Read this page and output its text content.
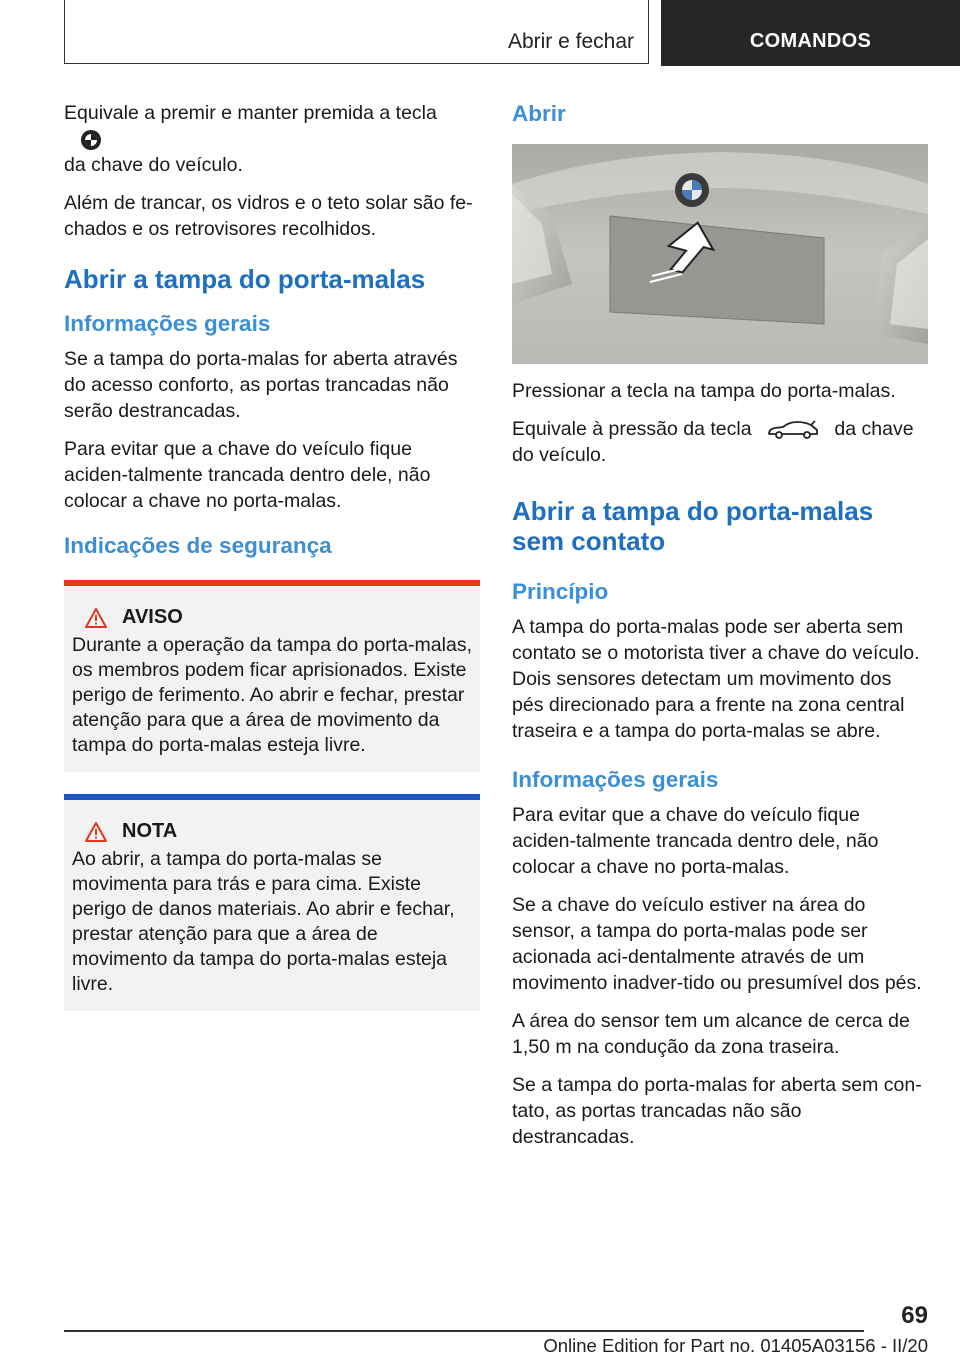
Abrir e fechar	COMANDOS

Equivale a premir e manter premida a tecla
da chave do veículo.

Além de trancar, os vidros e o teto solar são fe-chados e os retrovisores recolhidos.

Abrir a tampa do porta-malas
Informações gerais

Se a tampa do porta-malas for aberta através do acesso conforto, as portas trancadas não serão destrancadas.

Para evitar que a chave do veículo fique aciden-talmente trancada dentro dele, não colocar a chave no porta-malas.

Indicações de segurança
AVISO

Durante a operação da tampa do porta-malas, os membros podem ficar aprisionados. Existe perigo de ferimento. Ao abrir e fechar, prestar atenção para que a área de movimento da tampa do porta-malas esteja livre.

NOTA

Ao abrir, a tampa do porta-malas se movimenta para trás e para cima. Existe perigo de danos materiais. Ao abrir e fechar, prestar atenção para que a área de movimento da tampa do porta-malas esteja livre.

Abrir

Pressionar a tecla na tampa do porta-malas.

Equivale à pressão da tecla	da chave do veículo.

Abrir a tampa do porta-malas sem contato
Princípio

A tampa do porta-malas pode ser aberta sem contato se o motorista tiver a chave do veículo. Dois sensores detectam um movimento dos pés direcionado para a frente na zona central traseira e a tampa do porta-malas se abre.

Informações gerais

Para evitar que a chave do veículo fique aciden-talmente trancada dentro dele, não colocar a chave no porta-malas.

Se a chave do veículo estiver na área do sensor, a tampa do porta-malas pode ser acionada aci-dentalmente através de um movimento inadver-tido ou presumível dos pés.

A área do sensor tem um alcance de cerca de 1,50 m na condução da zona traseira.

Se a tampa do porta-malas for aberta sem con-tato, as portas trancadas não são destrancadas.

69
Online Edition for Part no. 01405A03156 - II/20
